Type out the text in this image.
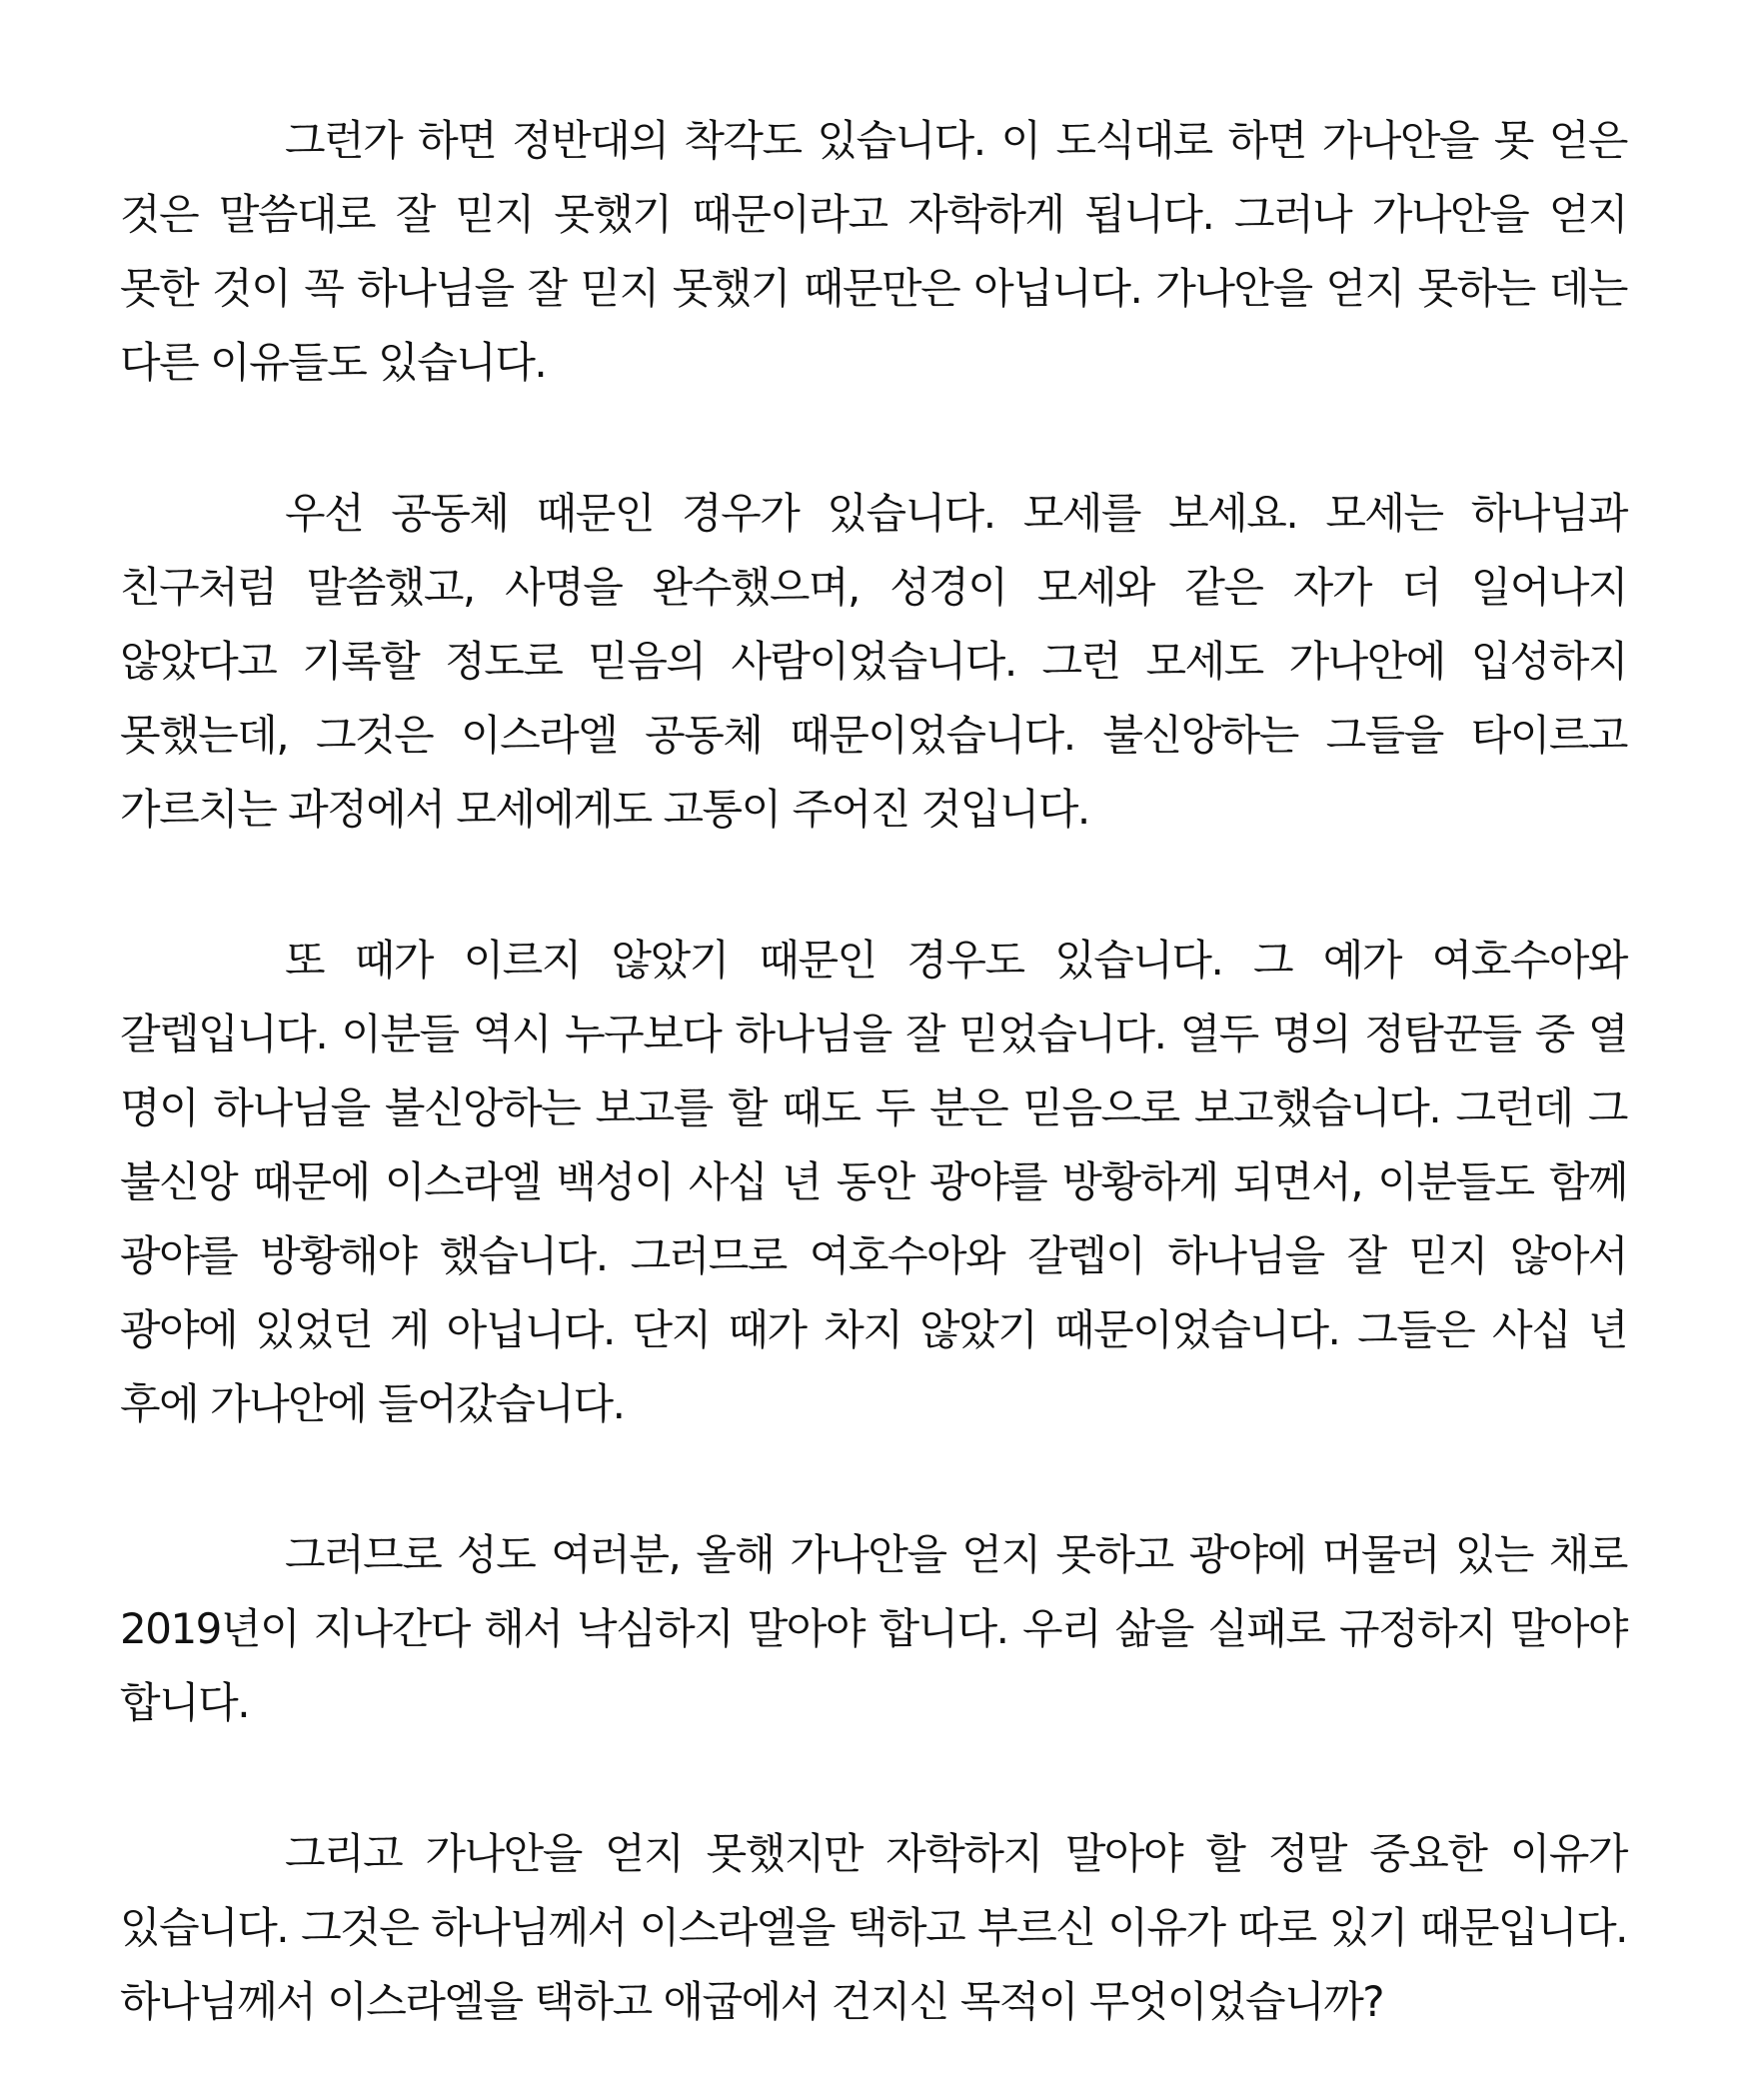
그런가 하면 정반대의 착각도 있습니다. 이 도식대로 하면 가나안을 못 얻은 것은 말씀대로 잘 믿지 못했기 때문이라고 자학하게 됩니다. 그러나 가나안을 얻지 못한 것이 꼭 하나님을 잘 믿지 못했기 때문만은 아닙니다. 가나안을 얻지 못하는 데는 다른 이유들도 있습니다.

우선 공동체 때문인 경우가 있습니다. 모세를 보세요. 모세는 하나님과 친구처럼 말씀했고, 사명을 완수했으며, 성경이 모세와 같은 자가 더 일어나지 않았다고 기록할 정도로 믿음의 사람이었습니다. 그런 모세도 가나안에 입성하지 못했는데, 그것은 이스라엘 공동체 때문이었습니다. 불신앙하는 그들을 타이르고 가르치는 과정에서 모세에게도 고통이 주어진 것입니다.

또 때가 이르지 않았기 때문인 경우도 있습니다. 그 예가 여호수아와 갈렙입니다. 이분들 역시 누구보다 하나님을 잘 믿었습니다. 열두 명의 정탐꾼들 중 열 명이 하나님을 불신앙하는 보고를 할 때도 두 분은 믿음으로 보고했습니다. 그런데 그 불신앙 때문에 이스라엘 백성이 사십 년 동안 광야를 방황하게 되면서, 이분들도 함께 광야를 방황해야 했습니다. 그러므로 여호수아와 갈렙이 하나님을 잘 믿지 않아서 광야에 있었던 게 아닙니다. 단지 때가 차지 않았기 때문이었습니다. 그들은 사십 년 후에 가나안에 들어갔습니다.

그러므로 성도 여러분, 올해 가나안을 얻지 못하고 광야에 머물러 있는 채로 2019년이 지나간다 해서 낙심하지 말아야 합니다. 우리 삶을 실패로 규정하지 말아야 합니다.

그리고 가나안을 얻지 못했지만 자학하지 말아야 할 정말 중요한 이유가 있습니다. 그것은 하나님께서 이스라엘을 택하고 부르신 이유가 따로 있기 때문입니다. 하나님께서 이스라엘을 택하고 애굽에서 건지신 목적이 무엇이었습니까?
